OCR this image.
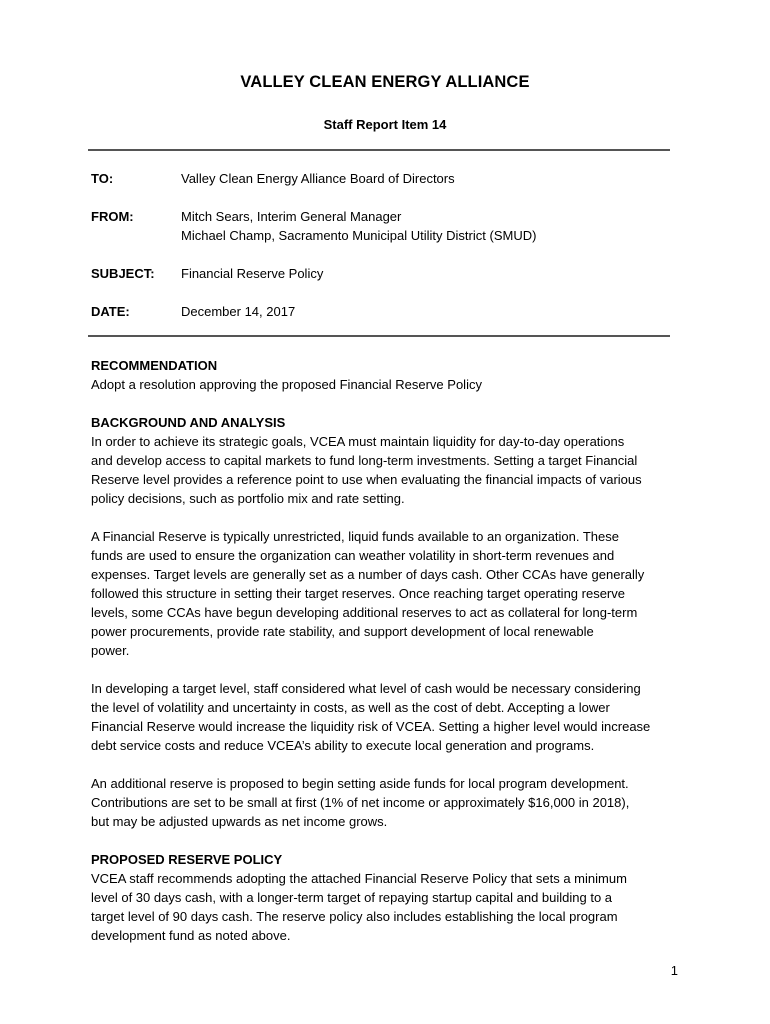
VALLEY CLEAN ENERGY ALLIANCE
Staff Report Item 14
TO:	Valley Clean Energy Alliance Board of Directors
FROM:	Mitch Sears, Interim General Manager
Michael Champ, Sacramento Municipal Utility District (SMUD)
SUBJECT: Financial Reserve Policy
DATE:	December 14, 2017
RECOMMENDATION
Adopt a resolution approving the proposed Financial Reserve Policy
BACKGROUND AND ANALYSIS
In order to achieve its strategic goals, VCEA must maintain liquidity for day-to-day operations
and develop access to capital markets to fund long-term investments. Setting a target Financial
Reserve level provides a reference point to use when evaluating the financial impacts of various
policy decisions, such as portfolio mix and rate setting.
A Financial Reserve is typically unrestricted, liquid funds available to an organization. These
funds are used to ensure the organization can weather volatility in short-term revenues and
expenses. Target levels are generally set as a number of days cash. Other CCAs have generally
followed this structure in setting their target reserves. Once reaching target operating reserve
levels, some CCAs have begun developing additional reserves to act as collateral for long-term
power procurements, provide rate stability, and support development of local renewable
power.
In developing a target level, staff considered what level of cash would be necessary considering
the level of volatility and uncertainty in costs, as well as the cost of debt. Accepting a lower
Financial Reserve would increase the liquidity risk of VCEA. Setting a higher level would increase
debt service costs and reduce VCEA’s ability to execute local generation and programs.
An additional reserve is proposed to begin setting aside funds for local program development.
Contributions are set to be small at first (1% of net income or approximately $16,000 in 2018),
but may be adjusted upwards as net income grows.
PROPOSED RESERVE POLICY
VCEA staff recommends adopting the attached Financial Reserve Policy that sets a minimum
level of 30 days cash, with a longer-term target of repaying startup capital and building to a
target level of 90 days cash. The reserve policy also includes establishing the local program
development fund as noted above.
1
